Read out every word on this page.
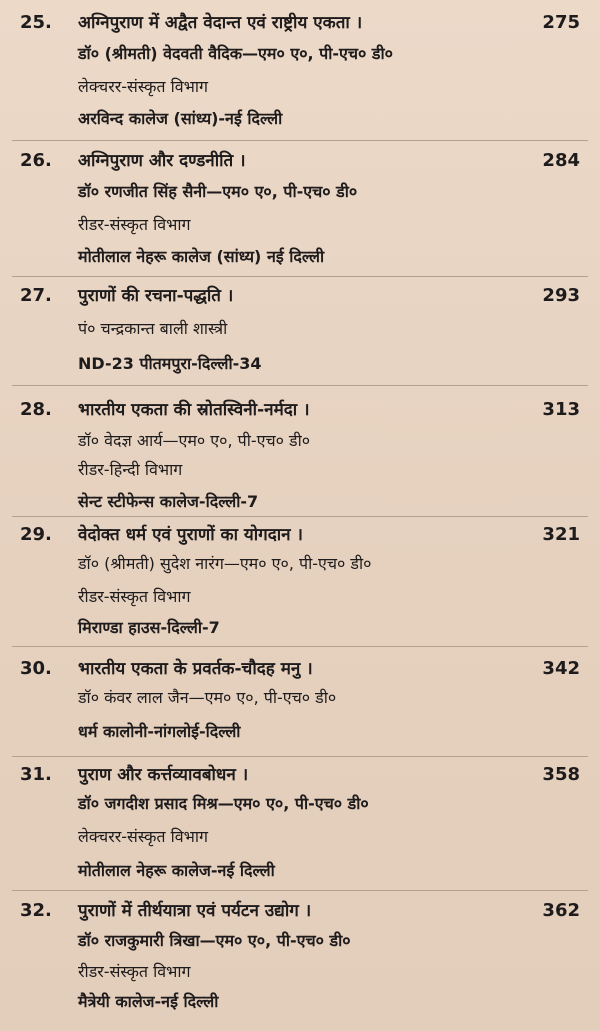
25. अग्निपुराण में अद्वैत वेदान्त एवं राष्ट्रीय एकता ।	275
डॉ० (श्रीमती) वेदवती वैदिक—एम० ए०, पी-एच० डी०
लेक्चरर-संस्कृत विभाग
अरविन्द कालेज (सांध्य)-नई दिल्ली
26. अग्निपुराण और दण्डनीति ।	284
डॉ० रणजीत सिंह सैनी—एम० ए०, पी-एच० डी०
रीडर-संस्कृत विभाग
मोतीलाल नेहरू कालेज (सांध्य) नई दिल्ली
27. पुराणों की रचना-पद्धति ।	293
पं० चन्द्रकान्त बाली शास्त्री
ND-23 पीतमपुरा-दिल्ली-34
28. भारतीय एकता की स्रोतस्विनी-नर्मदा ।	313
डॉ० वेदज्ञ आर्य—एम० ए०, पी-एच० डी०
रीडर-हिन्दी विभाग
सेन्ट स्टीफेन्स कालेज-दिल्ली-7
29. वेदोक्त धर्म एवं पुराणों का योगदान ।	321
डॉ० (श्रीमती) सुदेश नारंग—एम० ए०, पी-एच० डी०
रीडर-संस्कृत विभाग
मिराण्डा हाउस-दिल्ली-7
30. भारतीय एकता के प्रवर्तक-चौदह मनु ।	342
डॉ० कंवर लाल जैन—एम० ए०, पी-एच० डी०
धर्म कालोनी-नांगलोई-दिल्ली
31. पुराण और कर्त्तव्यावबोधन ।	358
डॉ० जगदीश प्रसाद मिश्र—एम० ए०, पी-एच० डी०
लेक्चरर-संस्कृत विभाग
मोतीलाल नेहरू कालेज-नई दिल्ली
32. पुराणों में तीर्थयात्रा एवं पर्यटन उद्योग ।	362
डॉ० राजकुमारी त्रिखा—एम० ए०, पी-एच० डी०
रीडर-संस्कृत विभाग
मैत्रेयी कालेज-नई दिल्ली
